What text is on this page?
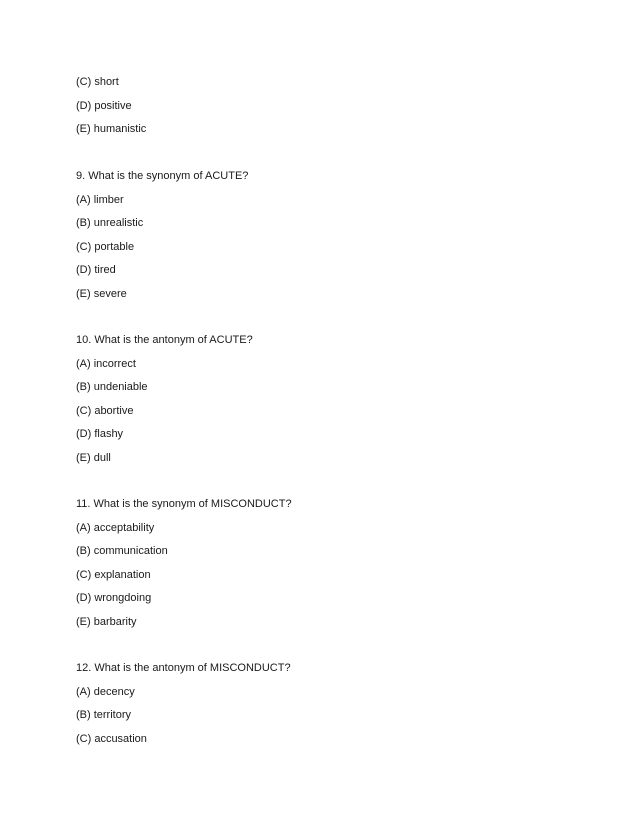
(C) short
(D) positive
(E) humanistic
9. What is the synonym of ACUTE?
(A) limber
(B) unrealistic
(C) portable
(D) tired
(E) severe
10. What is the antonym of ACUTE?
(A) incorrect
(B) undeniable
(C) abortive
(D) flashy
(E) dull
11. What is the synonym of MISCONDUCT?
(A) acceptability
(B) communication
(C) explanation
(D) wrongdoing
(E) barbarity
12. What is the antonym of MISCONDUCT?
(A) decency
(B) territory
(C) accusation
